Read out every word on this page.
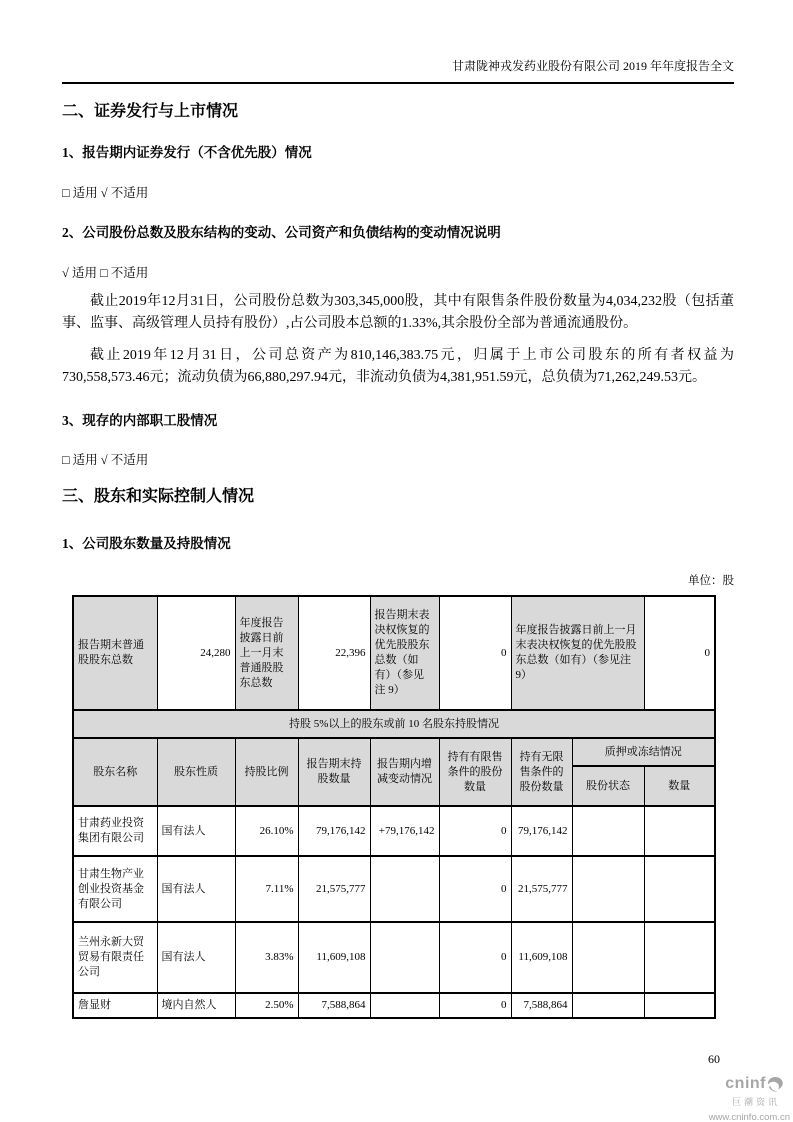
甘肃陇神戎发药业股份有限公司 2019 年年度报告全文
二、证券发行与上市情况
1、报告期内证券发行（不含优先股）情况
□ 适用 √ 不适用
2、公司股份总数及股东结构的变动、公司资产和负债结构的变动情况说明
√ 适用 □ 不适用
截止2019年12月31日，公司股份总数为303,345,000股，其中有限售条件股份数量为4,034,232股（包括董事、监事、高级管理人员持有股份）,占公司股本总额的1.33%,其余股份全部为普通流通股份。
截止2019年12月31日，公司总资产为810,146,383.75元，归属于上市公司股东的所有者权益为730,558,573.46元；流动负债为66,880,297.94元，非流动负债为4,381,951.59元，总负债为71,262,249.53元。
3、现存的内部职工股情况
□ 适用 √ 不适用
三、股东和实际控制人情况
1、公司股东数量及持股情况
单位：股
报告期末普通股股东总数	24,280	年度报告披露日前上一月末普通股股东总数	22,396	报告期末表决权恢复的优先股股东总数（如有）（参见注 9）	0	年度报告披露日前上一月末表决权恢复的优先股股东总数（如有）（参见注 9）		0
持股 5%以上的股东或前 10 名股东持股情况								
股东名称	股东性质	持股比例	报告期末持股数量	报告期内增减变动情况	持有有限售条件的股份数量	持有无限售条件的股份数量	质押或冻结情况	
							股份状态	数量
甘肃药业投资集团有限公司	国有法人	26.10%	79,176,142	+79,176,142	0	79,176,142		
甘肃生物产业创业投资基金有限公司	国有法人	7.11%	21,575,777		0	21,575,777		
兰州永新大贸贸易有限责任公司	国有法人	3.83%	11,609,108		0	11,609,108		
詹显财	境内自然人	2.50%	7,588,864		0	7,588,864		
60
cninf
巨潮资讯
www.cninfo.com.cn
